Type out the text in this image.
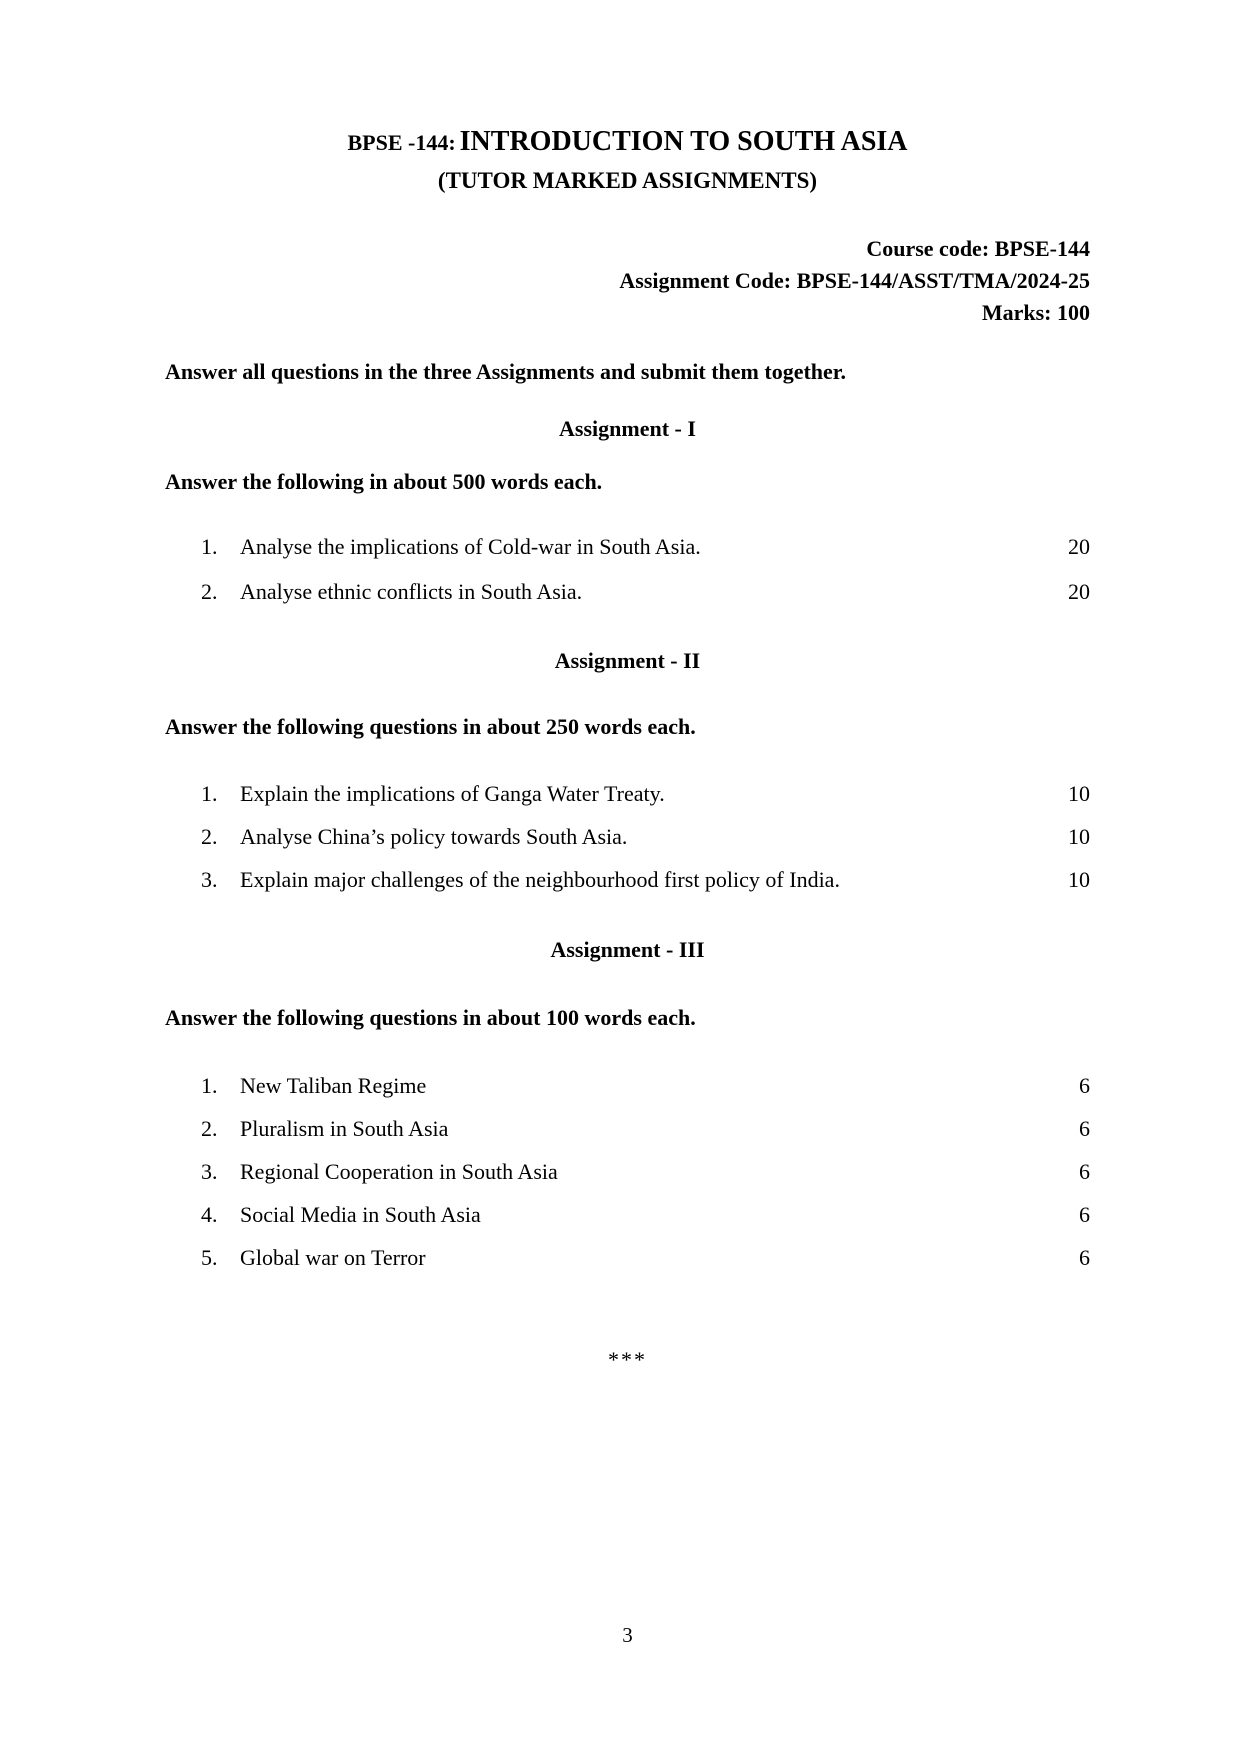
BPSE -144: INTRODUCTION TO SOUTH ASIA
(TUTOR MARKED ASSIGNMENTS)
Course code: BPSE-144
Assignment Code: BPSE-144/ASST/TMA/2024-25
Marks: 100
Answer all questions in the three Assignments and submit them together.
Assignment - I
Answer the following in about 500 words each.
1.	Analyse the implications of Cold-war in South Asia.	20
2.	Analyse ethnic conflicts in South Asia.	20
Assignment - II
Answer the following questions in about 250 words each.
1.	Explain the implications of Ganga Water Treaty.	10
2.	Analyse China’s policy towards South Asia.	10
3.	Explain major challenges of the neighbourhood first policy of India.	10
Assignment - III
Answer the following questions in about 100 words each.
1.	New Taliban Regime	6
2.	Pluralism in South Asia	6
3.	Regional Cooperation in South Asia	6
4.	Social Media in South Asia	6
5.	Global war on Terror	6
***
3
